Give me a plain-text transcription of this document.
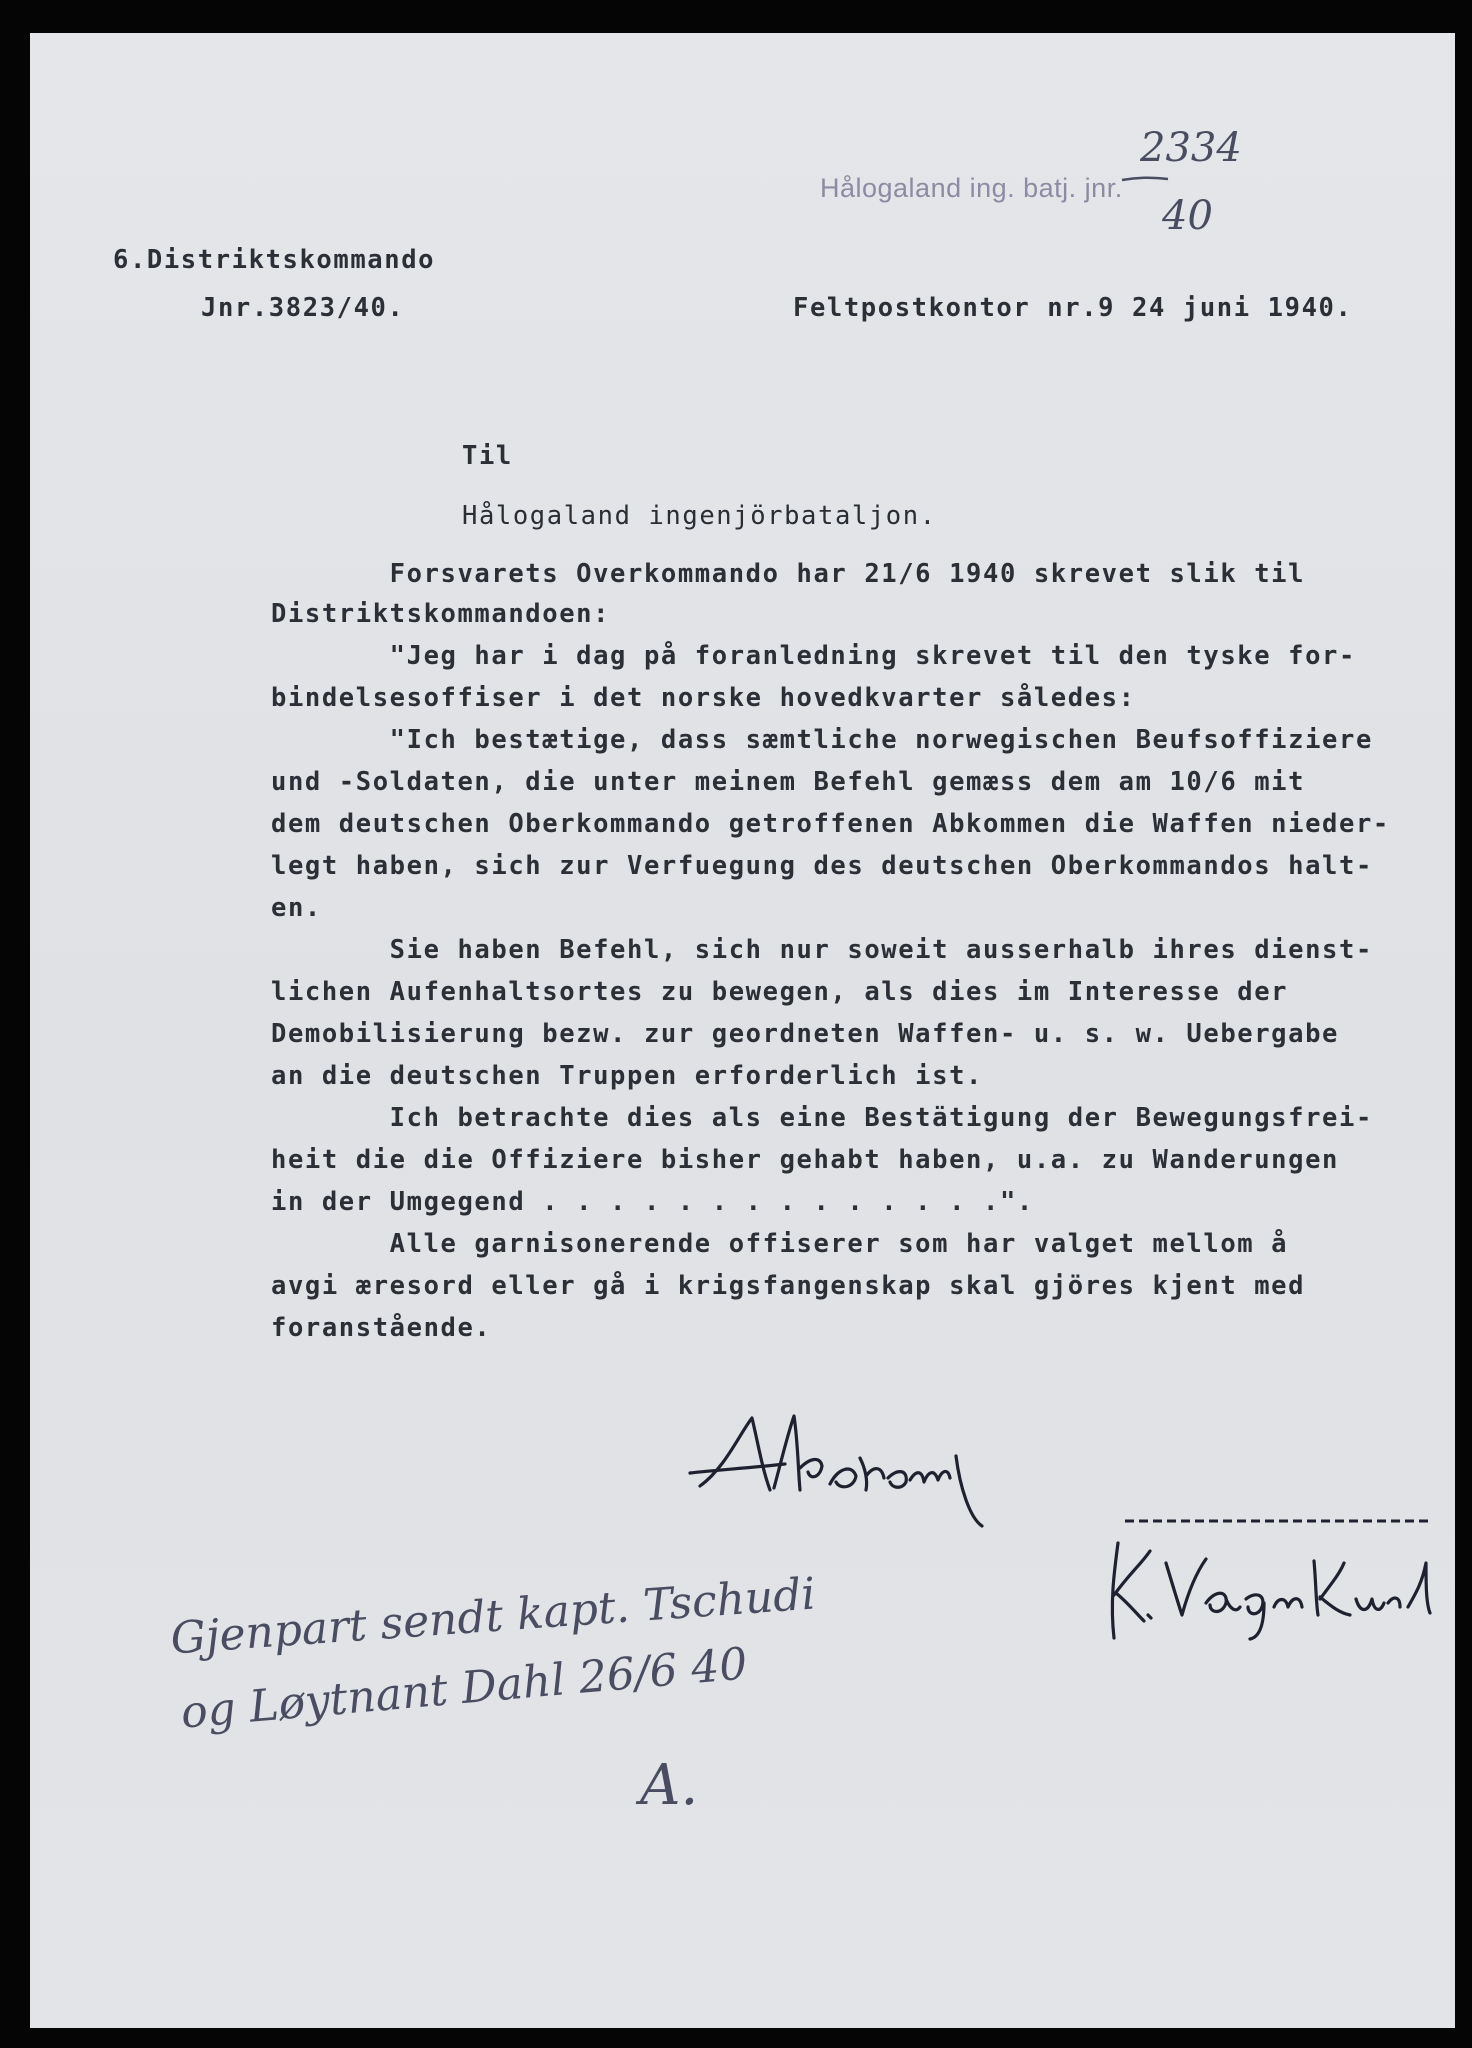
Hålogaland ing. batj. jnr.
2334
40
6.Distriktskommando
Jnr.3823/40.	Feltpostkontor nr.9 24 juni 1940.
Til
Hålogaland ingenjörbataljon.
Forsvarets Overkommando har 21/6 1940 skrevet slik til
Distriktskommandoen:
"Jeg har i dag på foranledning skrevet til den tyske for-
bindelsesoffiser i det norske hovedkvarter således:
"Ich bestætige, dass sæmtliche norwegischen Beufsoffiziere
und -Soldaten, die unter meinem Befehl gemæss dem am 10/6 mit
dem deutschen Oberkommando getroffenen Abkommen die Waffen nieder-
legt haben, sich zur Verfuegung des deutschen Oberkommandos halt-
en.
Sie haben Befehl, sich nur soweit ausserhalb ihres dienst-
lichen Aufenhaltsortes zu bewegen, als dies im Interesse der
Demobilisierung bezw. zur geordneten Waffen- u. s. w. Uebergabe
an die deutschen Truppen erforderlich ist.
Ich betrachte dies als eine Bestätigung der Bewegungsfrei-
heit die die Offiziere bisher gehabt haben, u.a. zu Wanderungen
in der Umgegend . . . . . . . . . . . . . .".
Alle garnisonerende offiserer som har valget mellom å
avgi æresord eller gå i krigsfangenskap skal gjöres kjent med
foranstående.
Gjenpart sendt kapt. Tschudi
og Løytnant Dahl 26/6 40
A.
